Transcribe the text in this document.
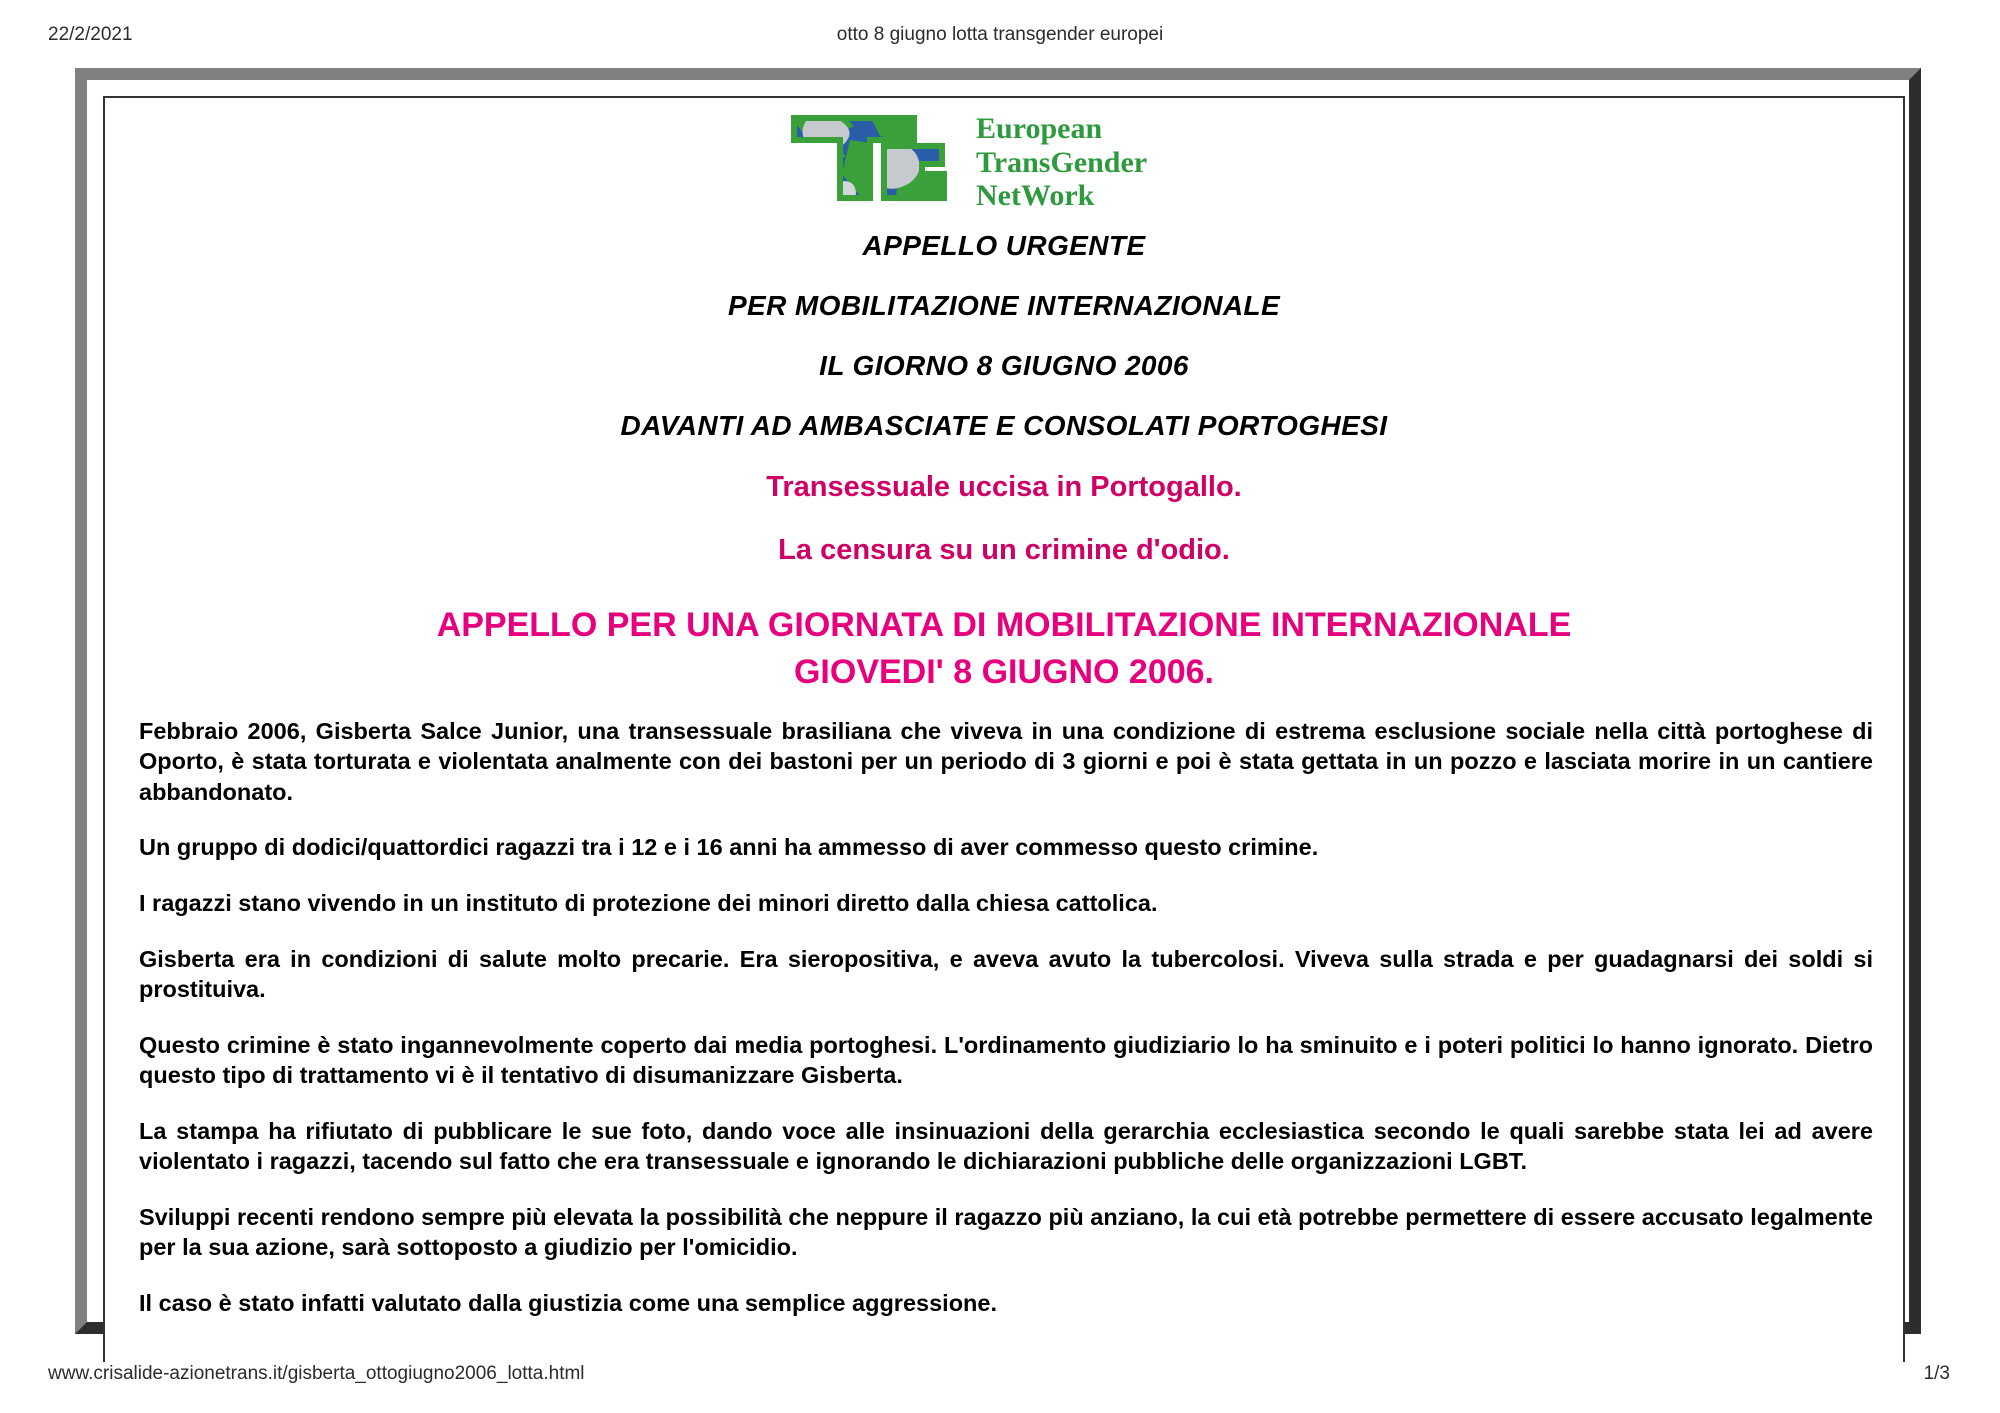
22/2/2021	otto 8 giugno lotta transgender europei
European
TransGender
NetWork

APPELLO URGENTE

PER MOBILITAZIONE INTERNAZIONALE

IL GIORNO 8 GIUGNO 2006

DAVANTI AD AMBASCIATE E CONSOLATI PORTOGHESI

Transessuale uccisa in Portogallo.

La censura su un crimine d'odio.

APPELLO PER UNA GIORNATA DI MOBILITAZIONE INTERNAZIONALE
GIOVEDI' 8 GIUGNO 2006.

Febbraio 2006, Gisberta Salce Junior, una transessuale brasiliana che viveva in una condizione di estrema esclusione sociale nella città portoghese di Oporto, è stata torturata e violentata analmente con dei bastoni per un periodo di 3 giorni e poi è stata gettata in un pozzo e lasciata morire in un cantiere abbandonato.

Un gruppo di dodici/quattordici ragazzi tra i 12 e i 16 anni ha ammesso di aver commesso questo crimine.

I ragazzi stano vivendo in un instituto di protezione dei minori diretto dalla chiesa cattolica.

Gisberta era in condizioni di salute molto precarie. Era sieropositiva, e aveva avuto la tubercolosi. Viveva sulla strada e per guadagnarsi dei soldi si prostituiva.

Questo crimine è stato ingannevolmente coperto dai media portoghesi. L'ordinamento giudiziario lo ha sminuito e i poteri politici lo hanno ignorato. Dietro questo tipo di trattamento vi è il tentativo di disumanizzare Gisberta.

La stampa ha rifiutato di pubblicare le sue foto, dando voce alle insinuazioni della gerarchia ecclesiastica secondo le quali sarebbe stata lei ad avere violentato i ragazzi, tacendo sul fatto che era transessuale e ignorando le dichiarazioni pubbliche delle organizzazioni LGBT.

Sviluppi recenti rendono sempre più elevata la possibilità che neppure il ragazzo più anziano, la cui età potrebbe permettere di essere accusato legalmente per la sua azione, sarà sottoposto a giudizio per l'omicidio.

Il caso è stato infatti valutato dalla giustizia come una semplice aggressione.

www.crisalide-azionetrans.it/gisberta_ottogiugno2006_lotta.html	1/3
